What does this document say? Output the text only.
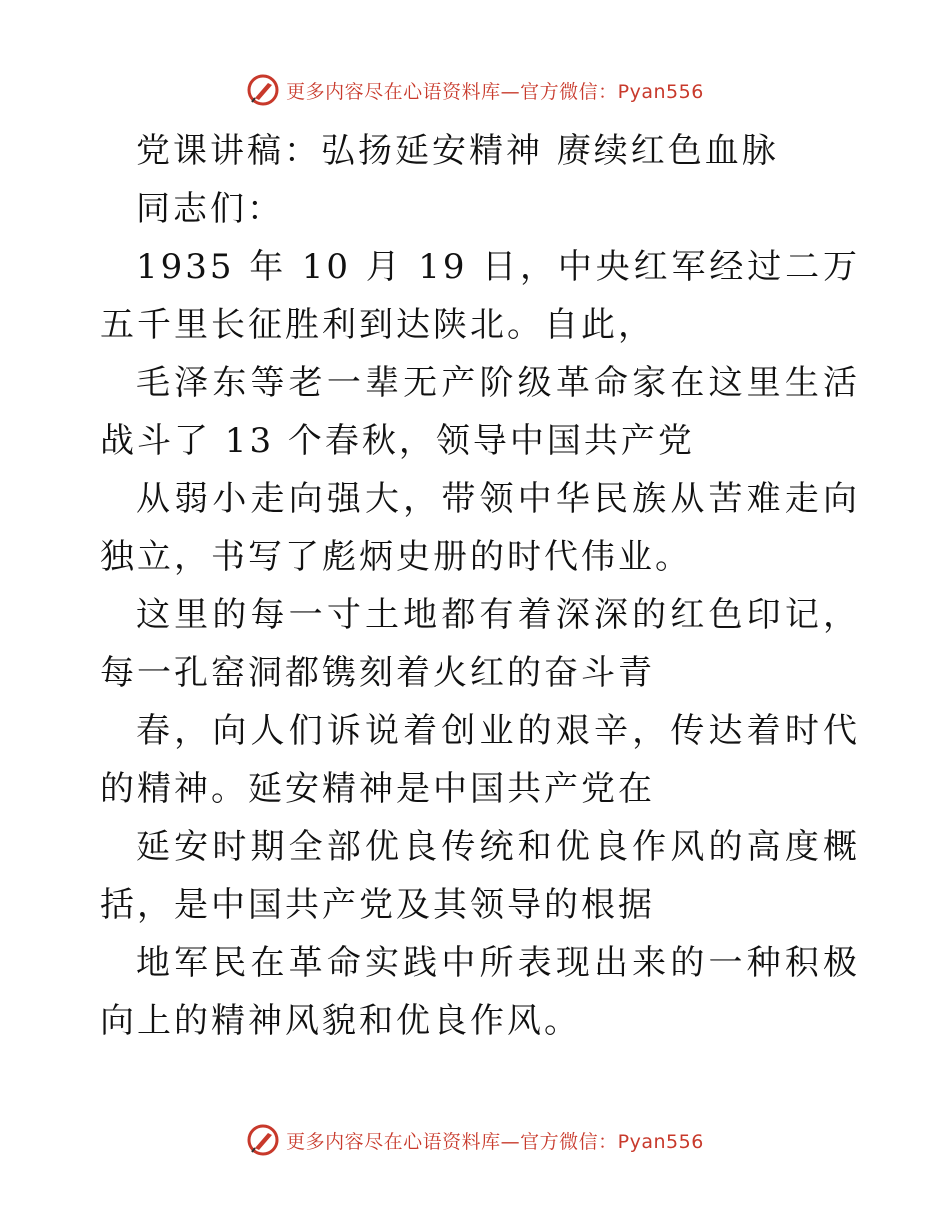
更多内容尽在心语资料库—官方微信：Pyan556

党课讲稿：弘扬延安精神 赓续红色血脉

同志们：

1935 年 10 月 19 日，中央红军经过二万五千里长征胜利到达陕北。自此，

毛泽东等老一辈无产阶级革命家在这里生活战斗了 13 个春秋，领导中国共产党

从弱小走向强大，带领中华民族从苦难走向独立，书写了彪炳史册的时代伟业。

这里的每一寸土地都有着深深的红色印记，每一孔窑洞都镌刻着火红的奋斗青

春，向人们诉说着创业的艰辛，传达着时代的精神。延安精神是中国共产党在

延安时期全部优良传统和优良作风的高度概括，是中国共产党及其领导的根据

地军民在革命实践中所表现出来的一种积极向上的精神风貌和优良作风。

更多内容尽在心语资料库—官方微信：Pyan556
